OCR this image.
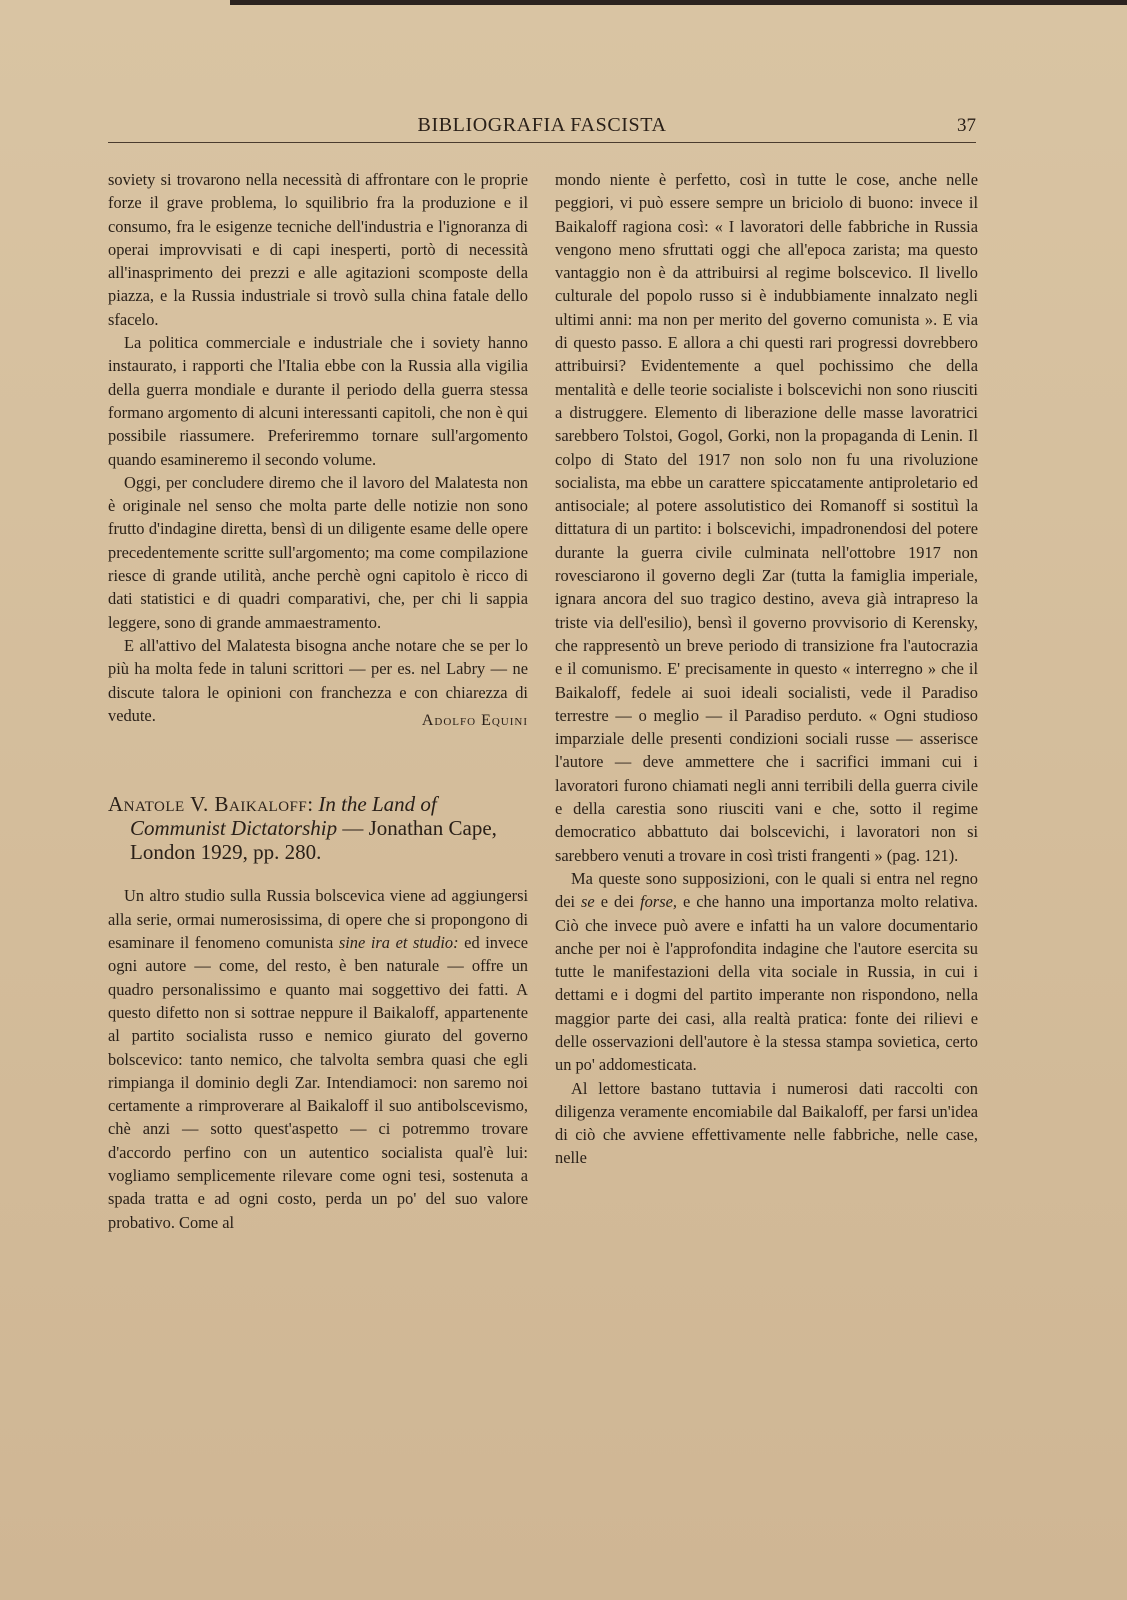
BIBLIOGRAFIA FASCISTA	37

soviety si trovarono nella necessità di affrontare con le proprie forze il grave problema, lo squilibrio fra la produzione e il consumo, fra le esigenze tecniche dell'industria e l'ignoranza di operai improvvisati e di capi inesperti, portò di necessità all'inasprimento dei prezzi e alle agitazioni scomposte della piazza, e la Russia industriale si trovò sulla china fatale dello sfacelo.

La politica commerciale e industriale che i soviety hanno instaurato, i rapporti che l'Italia ebbe con la Russia alla vigilia della guerra mondiale e durante il periodo della guerra stessa formano argomento di alcuni interessanti capitoli, che non è qui possibile riassumere. Preferiremmo tornare sull'argomento quando esamineremo il secondo volume.

Oggi, per concludere diremo che il lavoro del Malatesta non è originale nel senso che molta parte delle notizie non sono frutto d'indagine diretta, bensì di un diligente esame delle opere precedentemente scritte sull'argomento; ma come compilazione riesce di grande utilità, anche perchè ogni capitolo è ricco di dati statistici e di quadri comparativi, che, per chi li sappia leggere, sono di grande ammaestramento.

E all'attivo del Malatesta bisogna anche notare che se per lo più ha molta fede in taluni scrittori — per es. nel Labry — ne discute talora le opinioni con franchezza e con chiarezza di vedute.	Adolfo Equini
Anatole V. Baikaloff: In the Land of Communist Dictatorship — Jonathan Cape, London 1929, pp. 280.

Un altro studio sulla Russia bolscevica viene ad aggiungersi alla serie, ormai numerosissima, di opere che si propongono di esaminare il fenomeno comunista sine ira et studio: ed invece ogni autore — come, del resto, è ben naturale — offre un quadro personalissimo e quanto mai soggettivo dei fatti. A questo difetto non si sottrae neppure il Baikaloff, appartenente al partito socialista russo e nemico giurato del governo bolscevico: tanto nemico, che talvolta sembra quasi che egli rimpianga il dominio degli Zar. Intendiamoci: non saremo noi certamente a rimproverare al Baikaloff il suo antibolscevismo, chè anzi — sotto quest'aspetto — ci potremmo trovare d'accordo perfino con un autentico socialista qual'è lui: vogliamo semplicemente rilevare come ogni tesi, sostenuta a spada tratta e ad ogni costo, perda un po' del suo valore probativo. Come al

mondo niente è perfetto, così in tutte le cose, anche nelle peggiori, vi può essere sempre un briciolo di buono: invece il Baikaloff ragiona così: « I lavoratori delle fabbriche in Russia vengono meno sfruttati oggi che all'epoca zarista; ma questo vantaggio non è da attribuirsi al regime bolscevico. Il livello culturale del popolo russo si è indubbiamente innalzato negli ultimi anni: ma non per merito del governo comunista ». E via di questo passo. E allora a chi questi rari progressi dovrebbero attribuirsi? Evidentemente a quel pochissimo che della mentalità e delle teorie socialiste i bolscevichi non sono riusciti a distruggere. Elemento di liberazione delle masse lavoratrici sarebbero Tolstoi, Gogol, Gorki, non la propaganda di Lenin. Il colpo di Stato del 1917 non solo non fu una rivoluzione socialista, ma ebbe un carattere spiccatamente antiproletario ed antisociale; al potere assolutistico dei Romanoff si sostituì la dittatura di un partito: i bolscevichi, impadronendosi del potere durante la guerra civile culminata nell'ottobre 1917 non rovesciarono il governo degli Zar (tutta la famiglia imperiale, ignara ancora del suo tragico destino, aveva già intrapreso la triste via dell'esilio), bensì il governo provvisorio di Kerensky, che rappresentò un breve periodo di transizione fra l'autocrazia e il comunismo. E' precisamente in questo « interregno » che il Baikaloff, fedele ai suoi ideali socialisti, vede il Paradiso terrestre — o meglio — il Paradiso perduto. « Ogni studioso imparziale delle presenti condizioni sociali russe — asserisce l'autore — deve ammettere che i sacrifici immani cui i lavoratori furono chiamati negli anni terribili della guerra civile e della carestia sono riusciti vani e che, sotto il regime democratico abbattuto dai bolscevichi, i lavoratori non si sarebbero venuti a trovare in così tristi frangenti » (pag. 121).

Ma queste sono supposizioni, con le quali si entra nel regno dei se e dei forse, e che hanno una importanza molto relativa. Ciò che invece può avere e infatti ha un valore documentario anche per noi è l'approfondita indagine che l'autore esercita su tutte le manifestazioni della vita sociale in Russia, in cui i dettami e i dogmi del partito imperante non rispondono, nella maggior parte dei casi, alla realtà pratica: fonte dei rilievi e delle osservazioni dell'autore è la stessa stampa sovietica, certo un po' addomesticata.

Al lettore bastano tuttavia i numerosi dati raccolti con diligenza veramente encomiabile dal Baikaloff, per farsi un'idea di ciò che avviene effettivamente nelle fabbriche, nelle case, nelle
